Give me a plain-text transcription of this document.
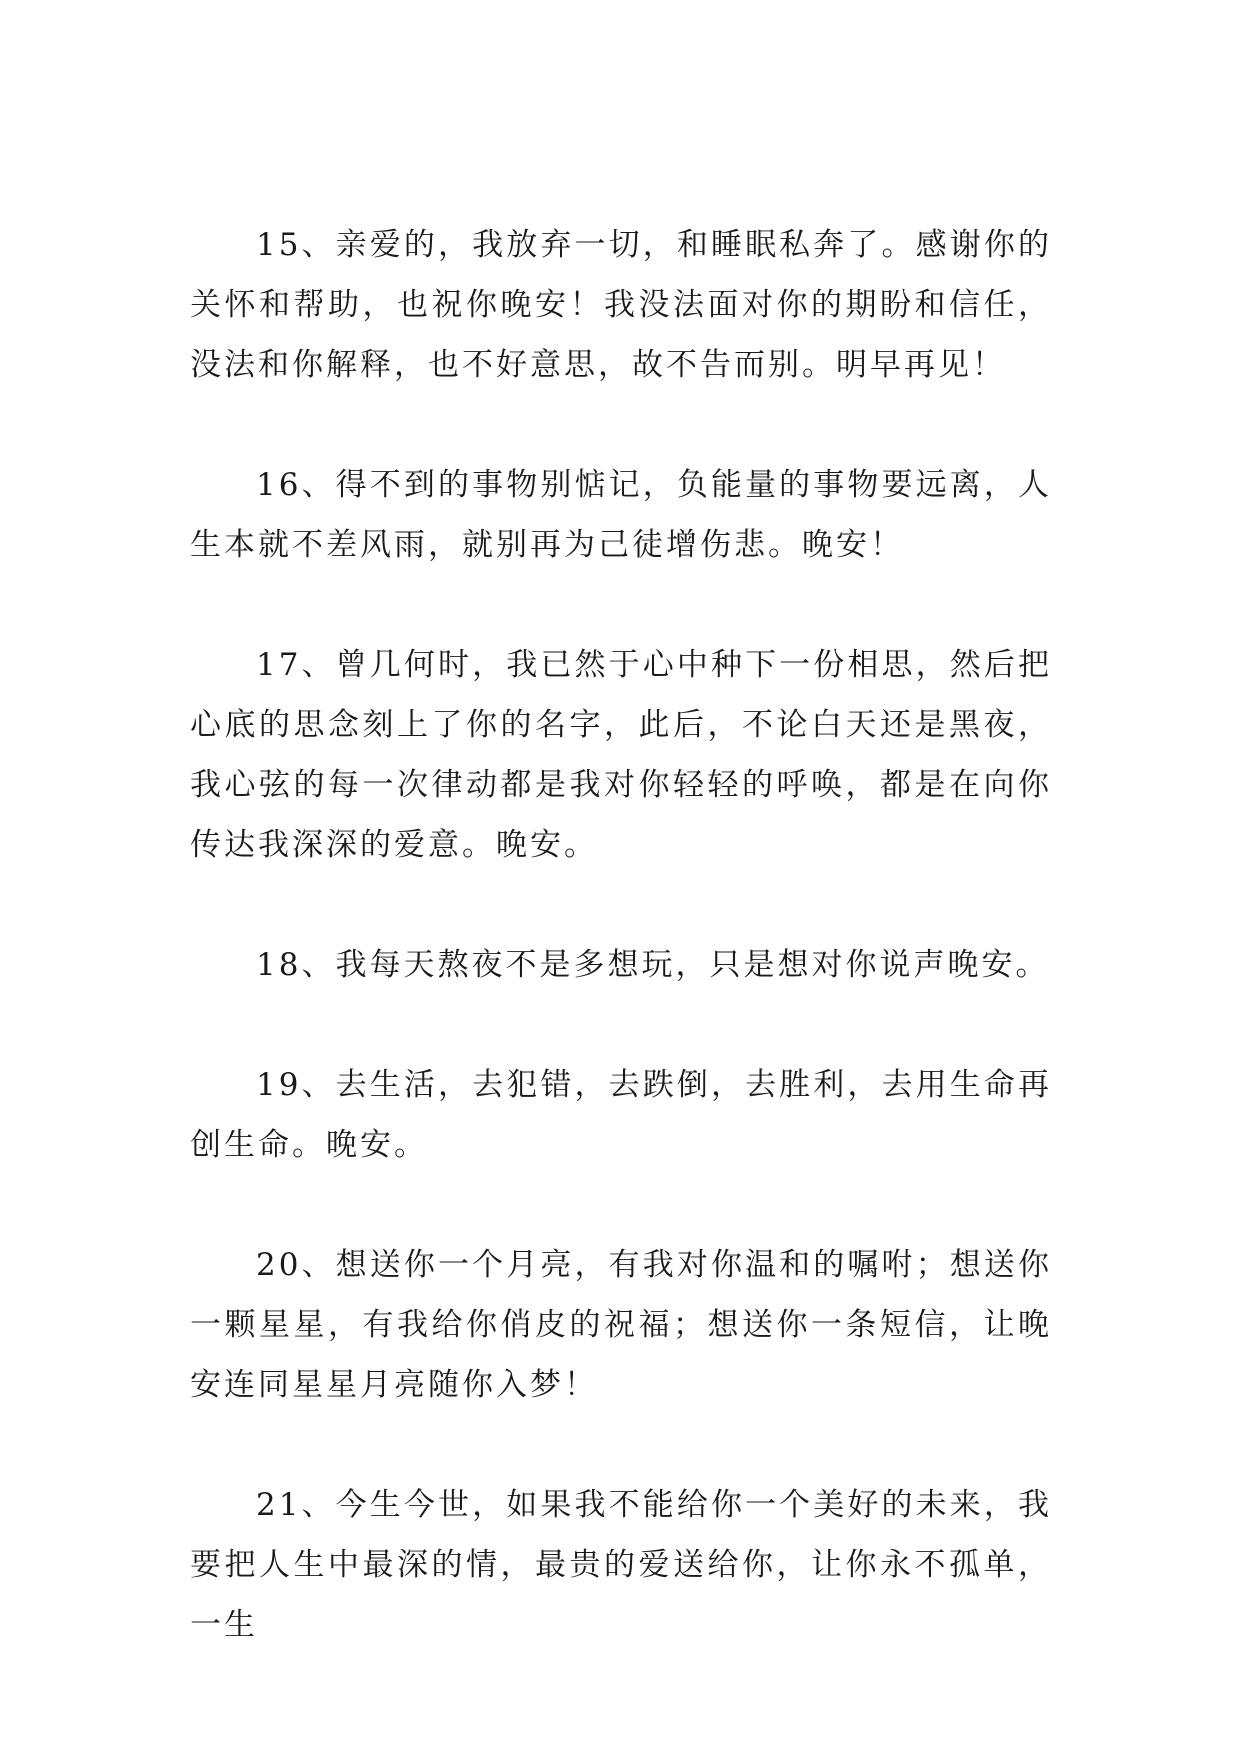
15、亲爱的，我放弃一切，和睡眠私奔了。感谢你的关怀和帮助，也祝你晚安！我没法面对你的期盼和信任，没法和你解释，也不好意思，故不告而别。明早再见！

16、得不到的事物别惦记，负能量的事物要远离，人生本就不差风雨，就别再为己徒增伤悲。晚安！

17、曾几何时，我已然于心中种下一份相思，然后把心底的思念刻上了你的名字，此后，不论白天还是黑夜，我心弦的每一次律动都是我对你轻轻的呼唤，都是在向你传达我深深的爱意。晚安。

18、我每天熬夜不是多想玩，只是想对你说声晚安。

19、去生活，去犯错，去跌倒，去胜利，去用生命再创生命。晚安。

20、想送你一个月亮，有我对你温和的嘱咐；想送你一颗星星，有我给你俏皮的祝福；想送你一条短信，让晚安连同星星月亮随你入梦！

21、今生今世，如果我不能给你一个美好的未来，我要把人生中最深的情，最贵的爱送给你，让你永不孤单，一生
